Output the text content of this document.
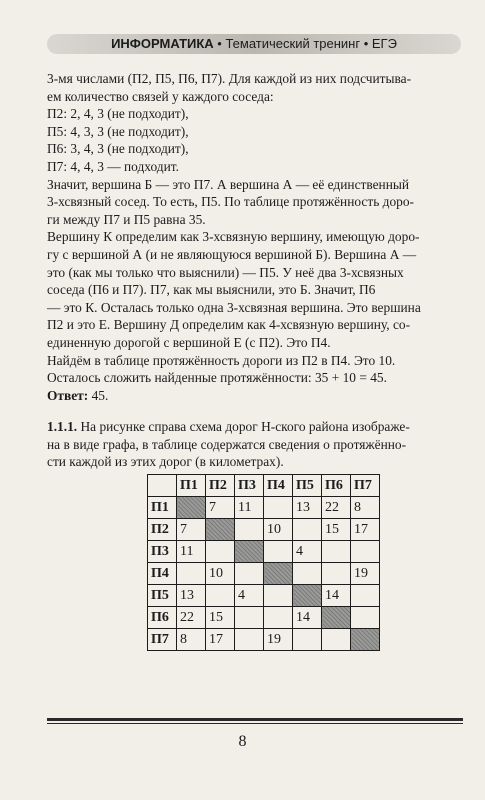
ИНФОРМАТИКА • Тематический тренинг • ЕГЭ

3-мя числами (П2, П5, П6, П7). Для каждой из них подсчитыва-

ем количество связей у каждого соседа:

П2: 2, 4, 3 (не подходит),

П5: 4, 3, 3 (не подходит),

П6: 3, 4, 3 (не подходит),

П7: 4, 4, 3 — подходит.

Значит, вершина Б — это П7. А вершина А — её единственный

3-хсвязный сосед. То есть, П5. По таблице протяжённость доро-

ги между П7 и П5 равна 35.

Вершину К определим как 3-хсвязную вершину, имеющую доро-

гу с вершиной А (и не являющуюся вершиной Б). Вершина А —

это (как мы только что выяснили) — П5. У неё два 3-хсвязных

соседа (П6 и П7). П7, как мы выяснили, это Б. Значит, П6

— это К. Осталась только одна 3-хсвязная вершина. Это вершина

П2 и это Е. Вершину Д определим как 4-хсвязную вершину, со-

единенную дорогой с вершиной Е (с П2). Это П4.

Найдём в таблице протяжённость дороги из П2 в П4. Это 10.

Осталось сложить найденные протяжённости: 35 + 10 = 45.

Ответ: 45.

1.1.1. На рисунке справа схема дорог Н-ского района изображе-

на в виде графа, в таблице содержатся сведения о протяжённо-

сти каждой из этих дорог (в километрах).

	П1	П2	П3	П4	П5	П6	П7
П1		7	11		13	22	8
П2	7			10		15	17
П3	11				4		
П4		10					19
П5	13		4			14	
П6	22	15			14		
П7	8	17		19			
8
